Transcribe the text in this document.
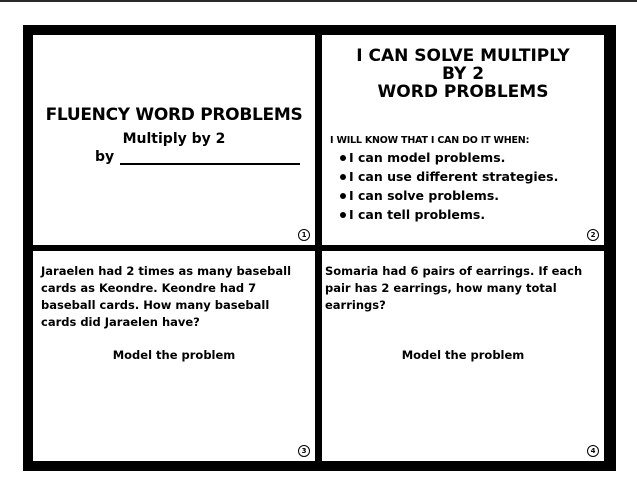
FLUENCY WORD PROBLEMS
Multiply by 2
by
1
I CAN SOLVE MULTIPLY
BY 2
WORD PROBLEMS
I WILL KNOW THAT I CAN DO IT WHEN:
I can model problems.
I can use different strategies.
I can solve problems.
I can tell problems.
2
Jaraelen had 2 times as many baseball cards as Keondre. Keondre had 7 baseball cards. How many baseball cards did Jaraelen have?
Model the problem
3
Somaria had 6 pairs of earrings. If each pair has 2 earrings, how many total earrings?
Model the problem
4
